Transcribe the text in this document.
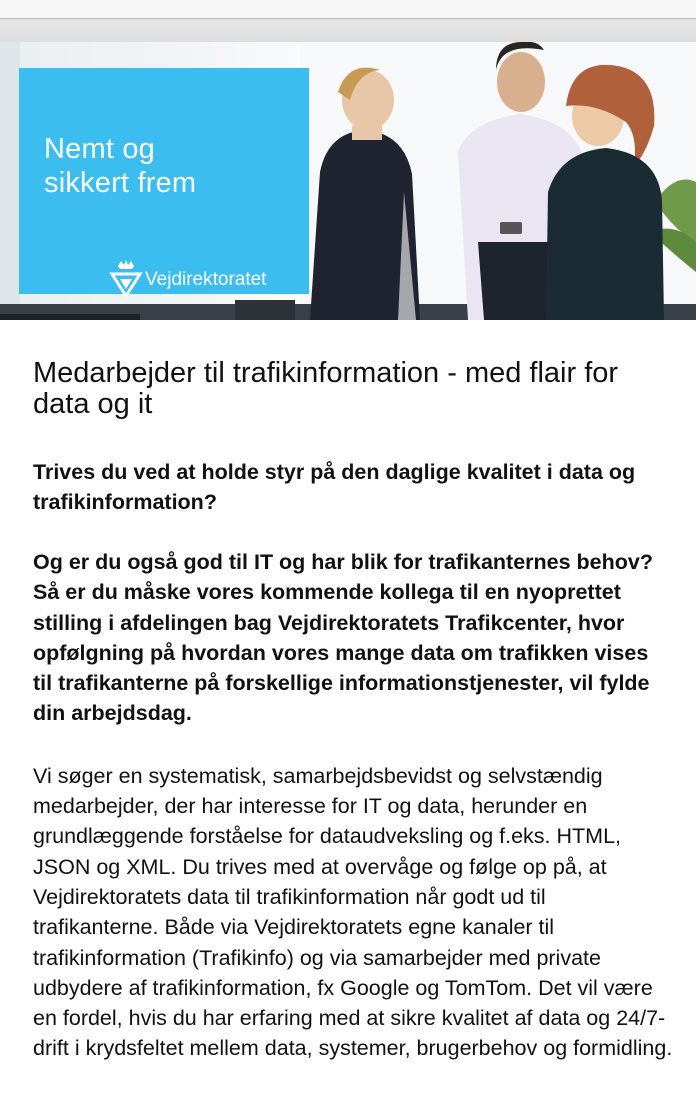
Nemt og
sikkert frem
Vejdirektoratet
Medarbejder til trafikinformation - med flair for data og it

Trives du ved at holde styr på den daglige kvalitet i data og trafikinformation?

Og er du også god til IT og har blik for trafikanternes behov? Så er du måske vores kommende kollega til en nyoprettet stilling i afdelingen bag Vejdirektoratets Trafikcenter, hvor opfølgning på hvordan vores mange data om trafikken vises til trafikanterne på forskellige informationstjenester, vil fylde din arbejdsdag.

Vi søger en systematisk, samarbejdsbevidst og selvstændig medarbejder, der har interesse for IT og data, herunder en grundlæggende forståelse for dataudveksling og f.eks. HTML, JSON og XML. Du trives med at overvåge og følge op på, at Vejdirektoratets data til trafikinformation når godt ud til trafikanterne. Både via Vejdirektoratets egne kanaler til trafikinformation (Trafikinfo) og via samarbejder med private udbydere af trafikinformation, fx Google og TomTom. Det vil være en fordel, hvis du har erfaring med at sikre kvalitet af data og 24/7-drift i krydsfeltet mellem data, systemer, brugerbehov og formidling.
